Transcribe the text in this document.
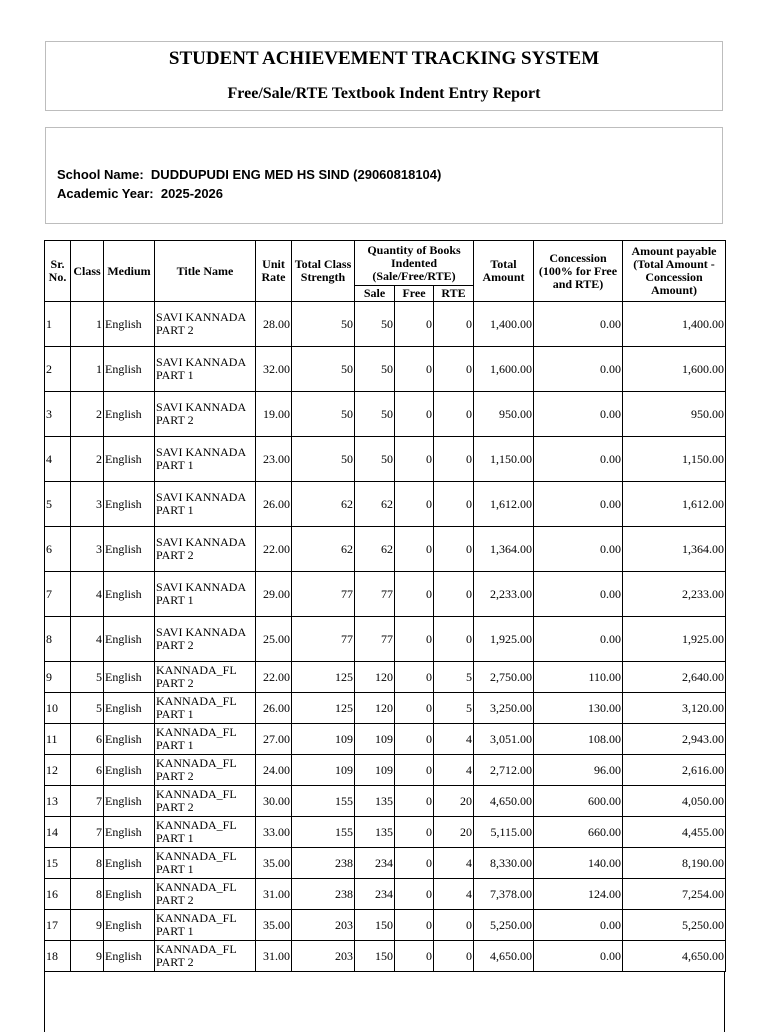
STUDENT ACHIEVEMENT TRACKING SYSTEM
Free/Sale/RTE Textbook Indent Entry Report
School Name: DUDDUPUDI ENG MED HS SIND (29060818104)
Academic Year: 2025-2026
Sr. No.	Class	Medium	Title Name	Unit Rate	Total Class Strength	Quantity of Books Indented (Sale/Free/RTE)			Total Amount	Concession (100% for Free and RTE)	Amount payable (Total Amount - Concession Amount)
						Sale	Free	RTE			
1	1	English	SAVI KANNADA PART 2	28.00	50	50	0	0	1,400.00	0.00	1,400.00
2	1	English	SAVI KANNADA PART 1	32.00	50	50	0	0	1,600.00	0.00	1,600.00
3	2	English	SAVI KANNADA PART 2	19.00	50	50	0	0	950.00	0.00	950.00
4	2	English	SAVI KANNADA PART 1	23.00	50	50	0	0	1,150.00	0.00	1,150.00
5	3	English	SAVI KANNADA PART 1	26.00	62	62	0	0	1,612.00	0.00	1,612.00
6	3	English	SAVI KANNADA PART 2	22.00	62	62	0	0	1,364.00	0.00	1,364.00
7	4	English	SAVI KANNADA PART 1	29.00	77	77	0	0	2,233.00	0.00	2,233.00
8	4	English	SAVI KANNADA PART 2	25.00	77	77	0	0	1,925.00	0.00	1,925.00
9	5	English	KANNADA_FL PART 2	22.00	125	120	0	5	2,750.00	110.00	2,640.00
10	5	English	KANNADA_FL PART 1	26.00	125	120	0	5	3,250.00	130.00	3,120.00
11	6	English	KANNADA_FL PART 1	27.00	109	109	0	4	3,051.00	108.00	2,943.00
12	6	English	KANNADA_FL PART 2	24.00	109	109	0	4	2,712.00	96.00	2,616.00
13	7	English	KANNADA_FL PART 2	30.00	155	135	0	20	4,650.00	600.00	4,050.00
14	7	English	KANNADA_FL PART 1	33.00	155	135	0	20	5,115.00	660.00	4,455.00
15	8	English	KANNADA_FL PART 1	35.00	238	234	0	4	8,330.00	140.00	8,190.00
16	8	English	KANNADA_FL PART 2	31.00	238	234	0	4	7,378.00	124.00	7,254.00
17	9	English	KANNADA_FL PART 1	35.00	203	150	0	0	5,250.00	0.00	5,250.00
18	9	English	KANNADA_FL PART 2	31.00	203	150	0	0	4,650.00	0.00	4,650.00
